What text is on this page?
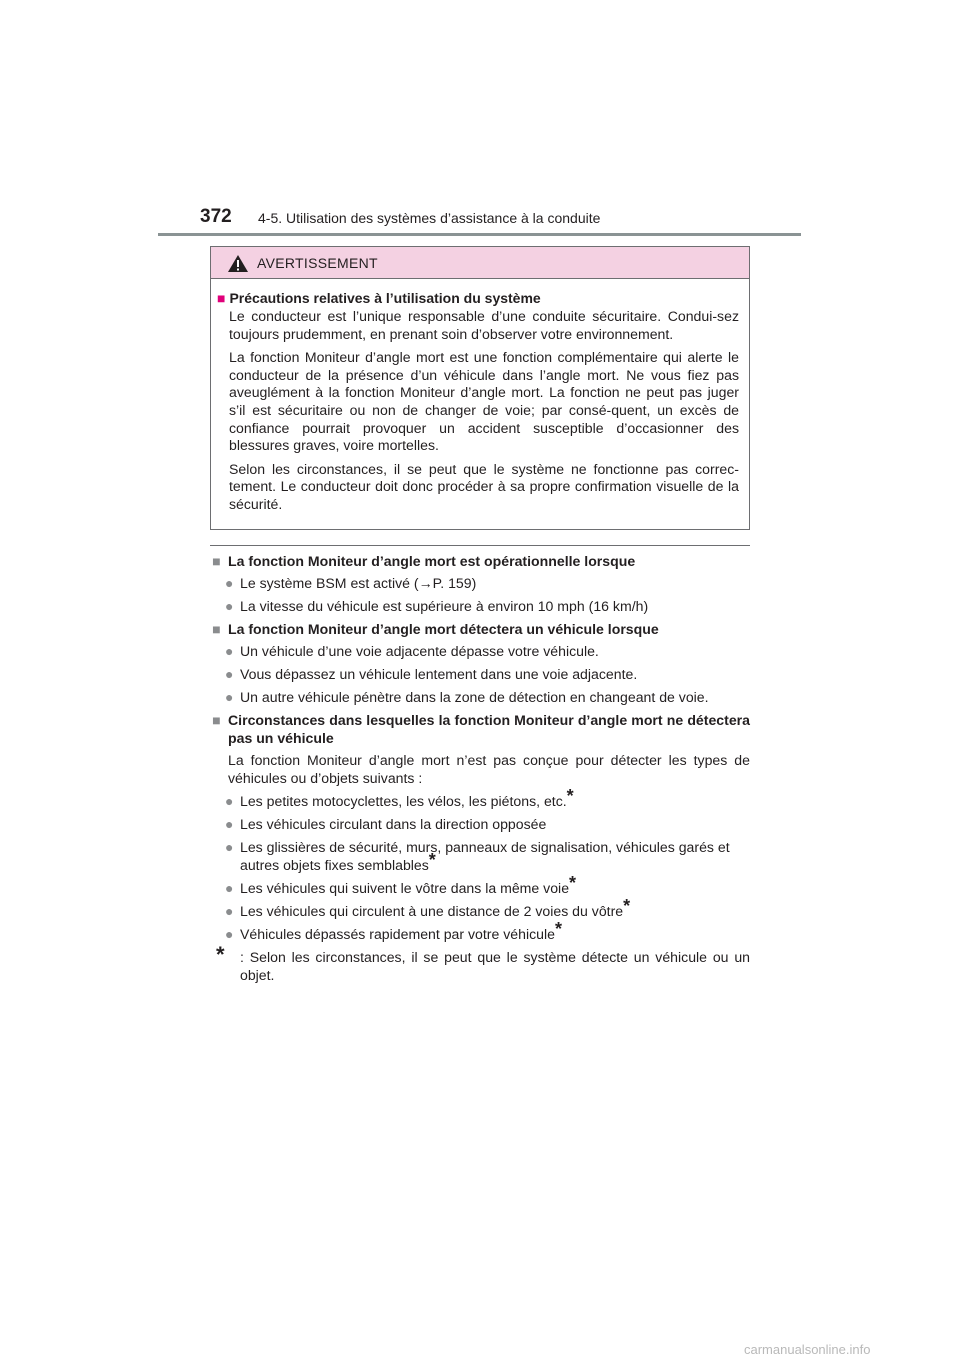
372 4-5. Utilisation des systèmes d’assistance à la conduite
AVERTISSEMENT
■ Précautions relatives à l’utilisation du système

Le conducteur est l’unique responsable d’une conduite sécuritaire. Condui-sez toujours prudemment, en prenant soin d’observer votre environnement.

La fonction Moniteur d’angle mort est une fonction complémentaire qui alerte le conducteur de la présence d’un véhicule dans l’angle mort. Ne vous fiez pas aveuglément à la fonction Moniteur d’angle mort. La fonction ne peut pas juger s’il est sécuritaire ou non de changer de voie; par consé-quent, un excès de confiance pourrait provoquer un accident susceptible d’occasionner des blessures graves, voire mortelles.

Selon les circonstances, il se peut que le système ne fonctionne pas correc-tement. Le conducteur doit donc procéder à sa propre confirmation visuelle de la sécurité.

■ La fonction Moniteur d’angle mort est opérationnelle lorsque
● Le système BSM est activé (→P. 159)
● La vitesse du véhicule est supérieure à environ 10 mph (16 km/h)
■ La fonction Moniteur d’angle mort détectera un véhicule lorsque
● Un véhicule d’une voie adjacente dépasse votre véhicule.
● Vous dépassez un véhicule lentement dans une voie adjacente.
● Un autre véhicule pénètre dans la zone de détection en changeant de voie.
■ Circonstances dans lesquelles la fonction Moniteur d’angle mort ne détectera pas un véhicule

La fonction Moniteur d’angle mort n’est pas conçue pour détecter les types de véhicules ou d’objets suivants :

● Les petites motocyclettes, les vélos, les piétons, etc.*
● Les véhicules circulant dans la direction opposée
● Les glissières de sécurité, murs, panneaux de signalisation, véhicules garés et autres objets fixes semblables*
● Les véhicules qui suivent le vôtre dans la même voie*
● Les véhicules qui circulent à une distance de 2 voies du vôtre*
● Véhicules dépassés rapidement par votre véhicule*
* : Selon les circonstances, il se peut que le système détecte un véhicule ou un objet.
carmanualsonline.info
